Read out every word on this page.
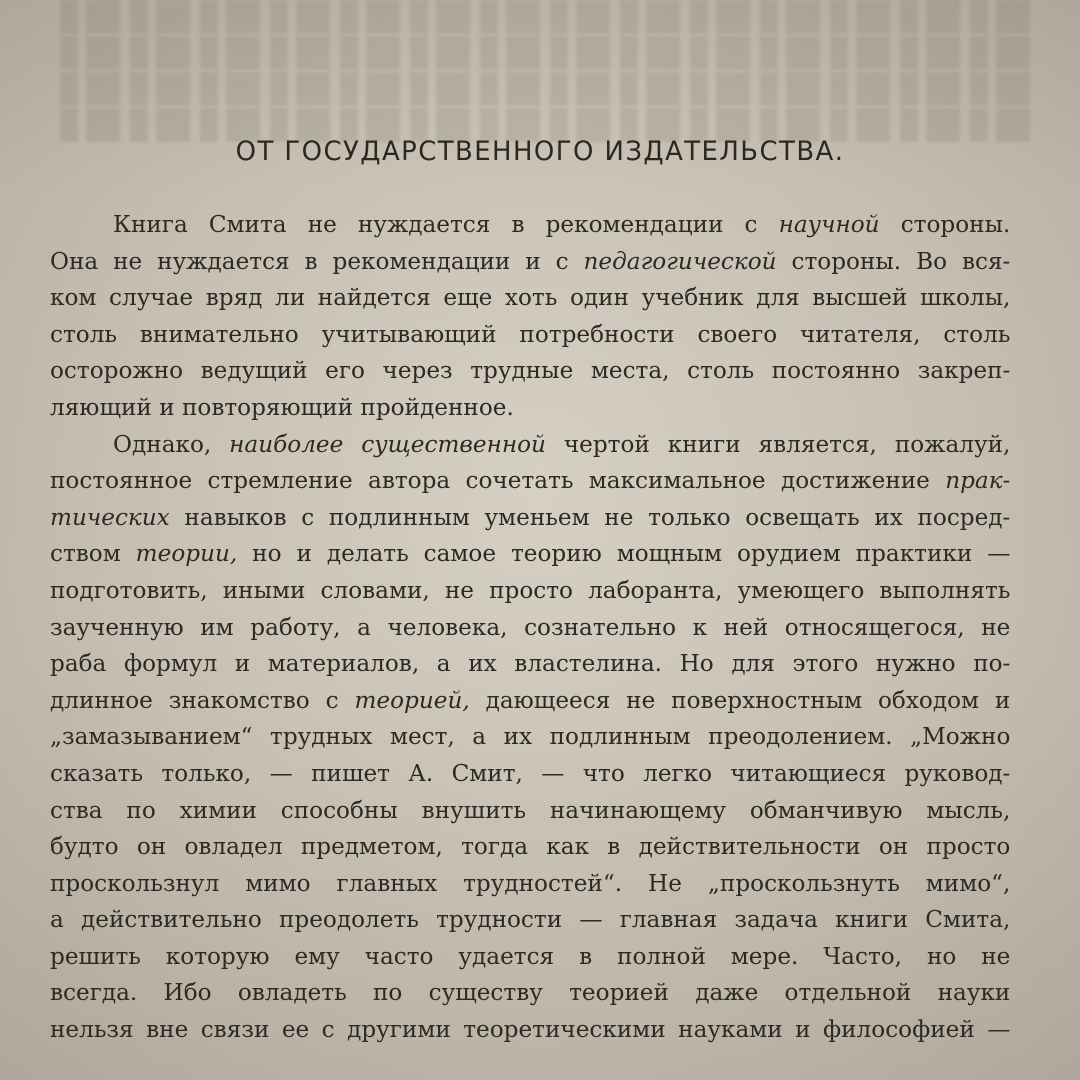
ОТ ГОСУДАРСТВЕННОГО ИЗДАТЕЛЬСТВА.
Книга Смита не нуждается в рекомендации с научной стороны.
Она не нуждается в рекомендации и с педагогической стороны. Во вся-
ком случае вряд ли найдется еще хоть один учебник для высшей школы,
столь внимательно учитывающий потребности своего читателя, столь
осторожно ведущий его через трудные места, столь постоянно закреп-
ляющий и повторяющий пройденное.
Однако, наиболее существенной чертой книги является, пожалуй,
постоянное стремление автора сочетать максимальное достижение прак-
тических навыков с подлинным уменьем не только освещать их посред-
ством теории, но и делать самое теорию мощным орудием практики —
подготовить, иными словами, не просто лаборанта, умеющего выполнять
заученную им работу, а человека, сознательно к ней относящегося, не
раба формул и материалов, а их властелина. Но для этого нужно по-
длинное знакомство с теорией, дающееся не поверхностным обходом и
„замазыванием“ трудных мест, а их подлинным преодолением. „Можно
сказать только, — пишет А. Смит, — что легко читающиеся руковод-
ства по химии способны внушить начинающему обманчивую мысль,
будто он овладел предметом, тогда как в действительности он просто
проскользнул мимо главных трудностей“. Не „проскользнуть мимо“,
а действительно преодолеть трудности — главная задача книги Смита,
решить которую ему часто удается в полной мере. Часто, но не
всегда. Ибо овладеть по существу теорией даже отдельной науки
нельзя вне связи ее с другими теоретическими науками и философией —
